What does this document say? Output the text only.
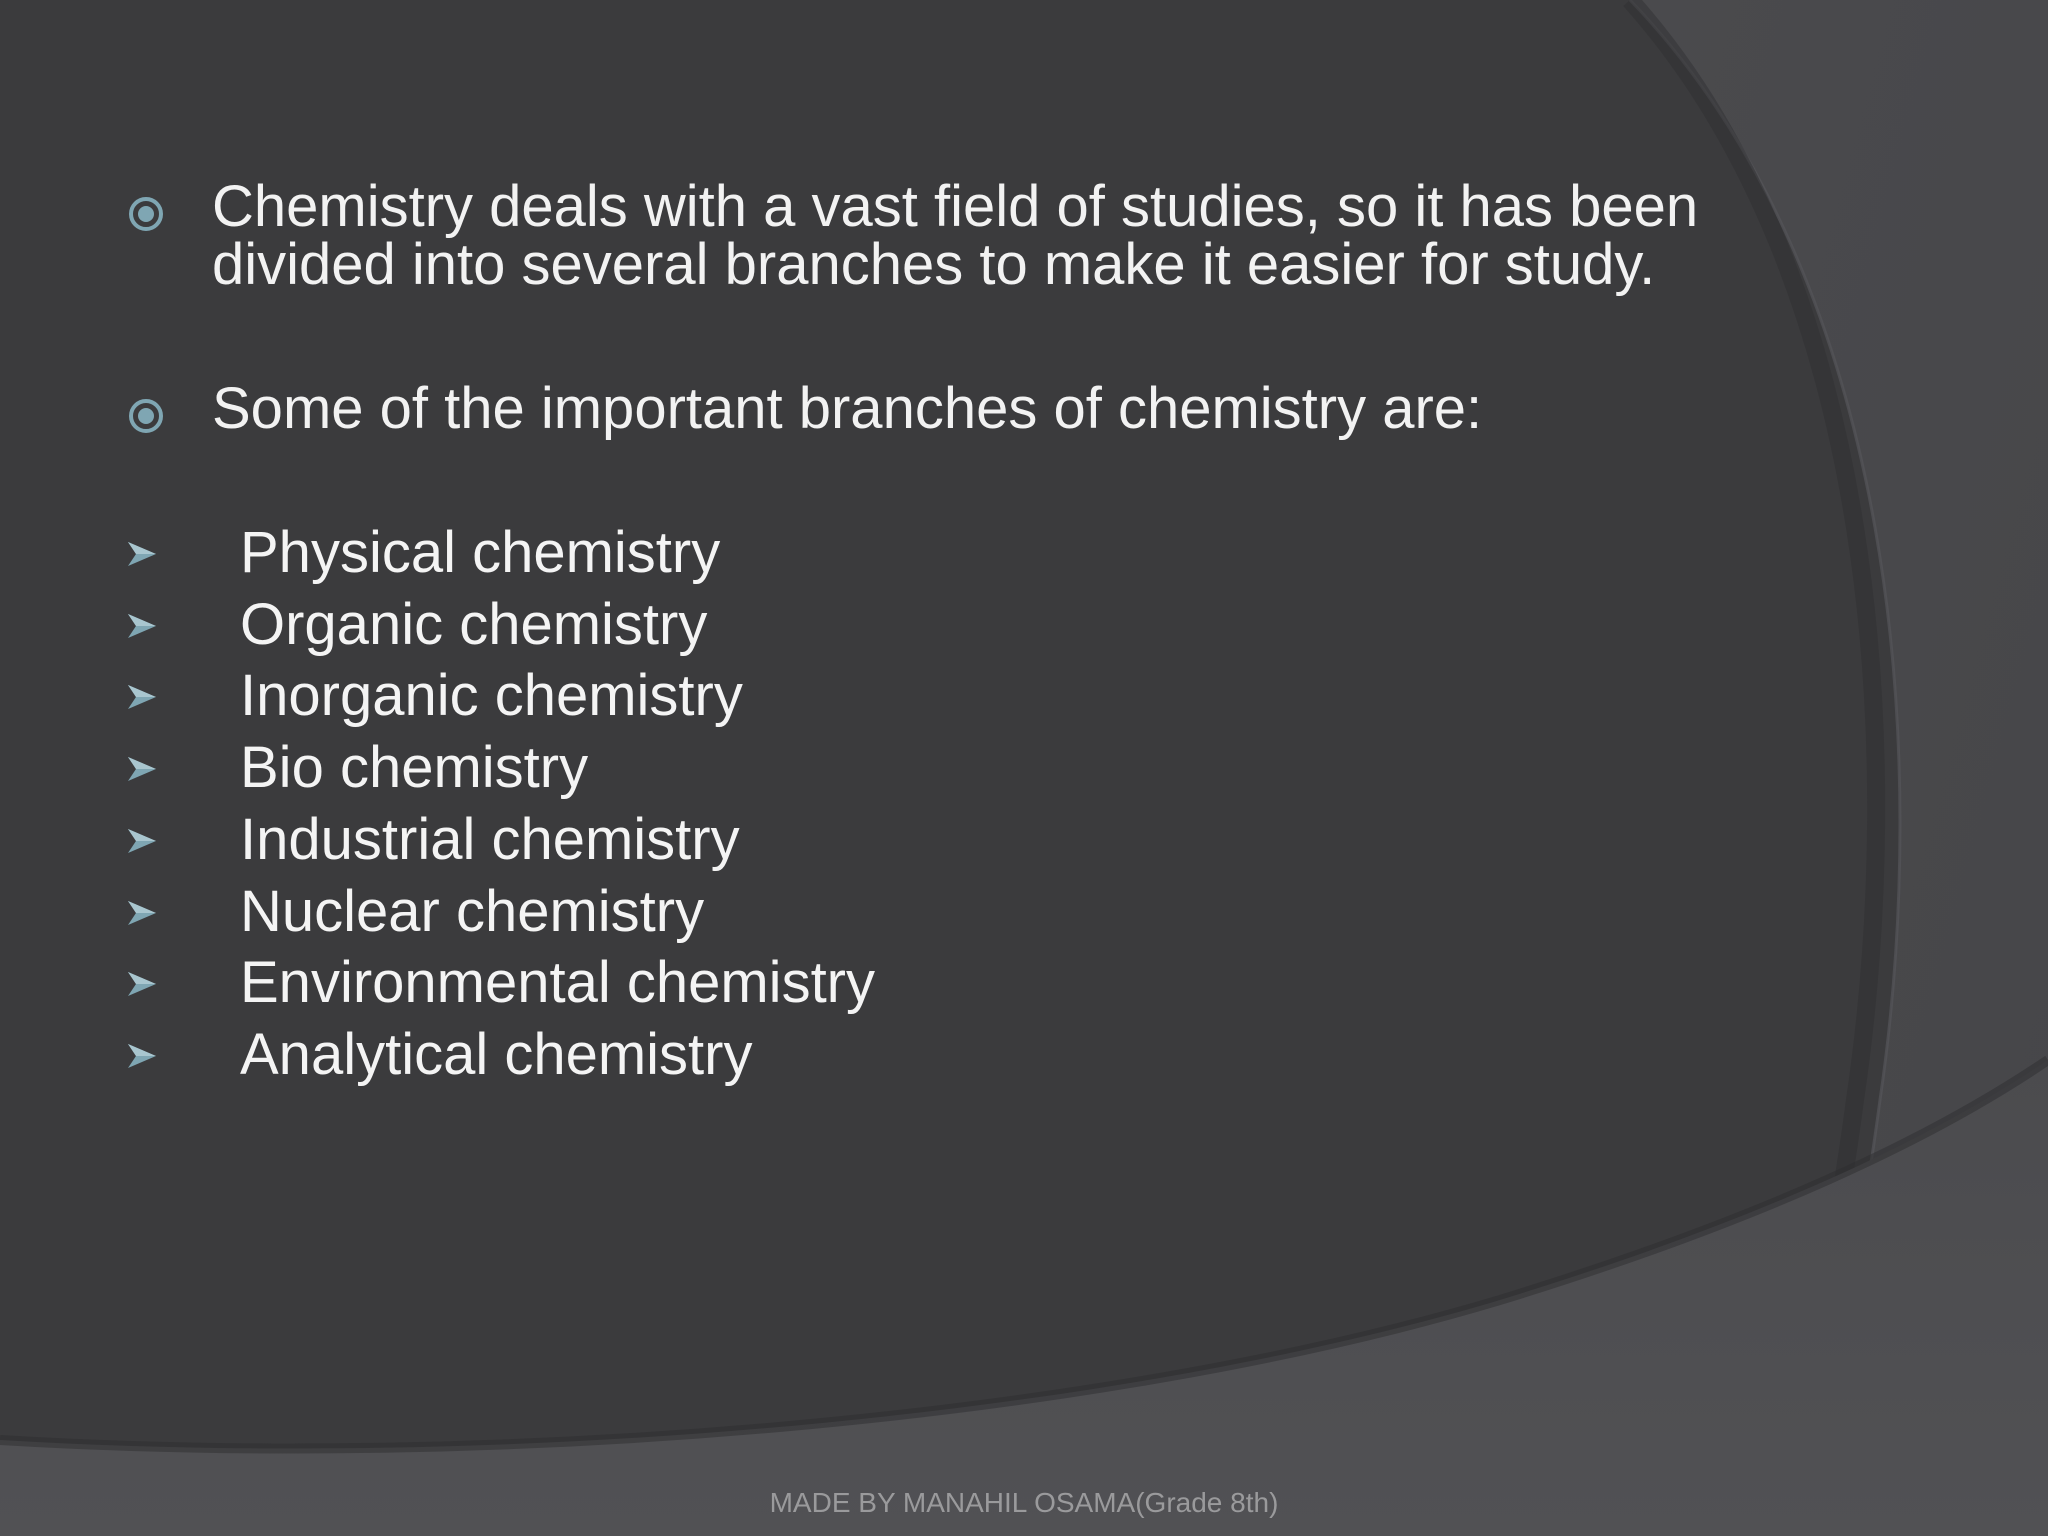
Chemistry deals with a vast field of studies, so it has been
divided into several branches to make it easier for study.
Some of the important branches of chemistry are:
Physical chemistry
Organic chemistry
Inorganic chemistry
Bio chemistry
Industrial chemistry
Nuclear chemistry
Environmental chemistry
Analytical chemistry
MADE BY MANAHIL OSAMA(Grade 8th)
